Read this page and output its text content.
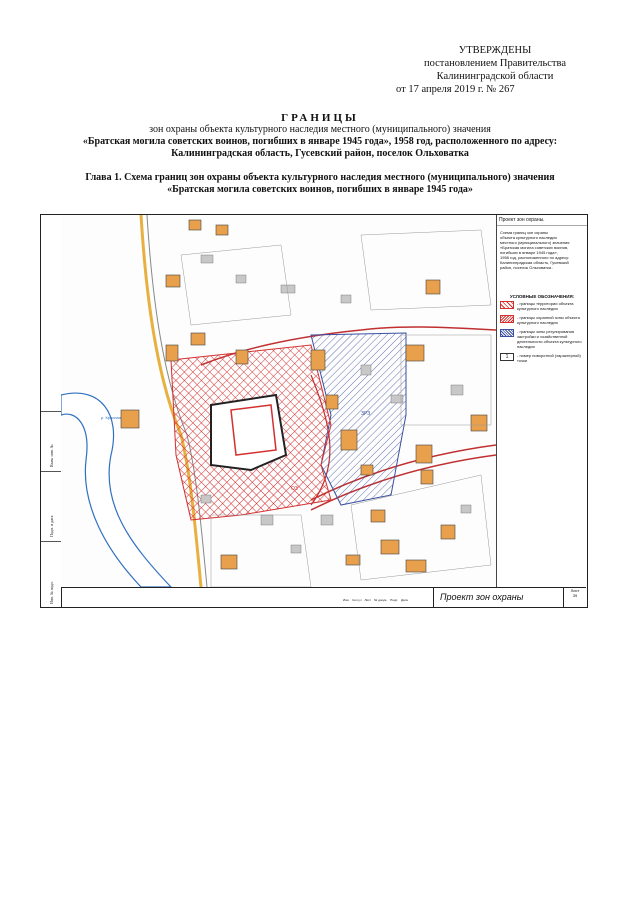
УТВЕРЖДЕНЫ
постановлением Правительства
Калининградской области
от 17 апреля 2019 г. № 267
ГРАНИЦЫ
зон охраны объекта культурного наследия местного (муниципального) значения
«Братская могила советских воинов, погибших в январе 1945 года», 1958 год, расположенного по адресу:
Калининградская область, Гусевский район, поселок Ольховатка
Глава 1. Схема границ зон охраны объекта культурного наследия местного (муниципального) значения
«Братская могила советских воинов, погибших в январе 1945 года»
Взам. инв. №
Подп. и дата
Инв. № подл.
р. Красная
ЗРЗ
ОЗ
Проект зон охраны.
Схема границ зон охраны
объекта культурного наследия
местного (муниципального) значения
«Братская могила советских воинов,
погибших в январе 1945 года»,
1958 год, расположенного по адресу:
Калининградская область, Гусевский
район, поселок Ольховатка .
УСЛОВНЫЕ ОБОЗНАЧЕНИЯ:
- границы территории объекта культурного наследия
- границы охранной зоны объекта культурного наследия
- границы зоны регулирования застройки и хозяйственной деятельности объекта культурного наследия
1	- номер поворотной (характерной) точки
Изм. Кол.уч Лист № докум. Подп. Дата	Проект зон охраны
Лист
39
